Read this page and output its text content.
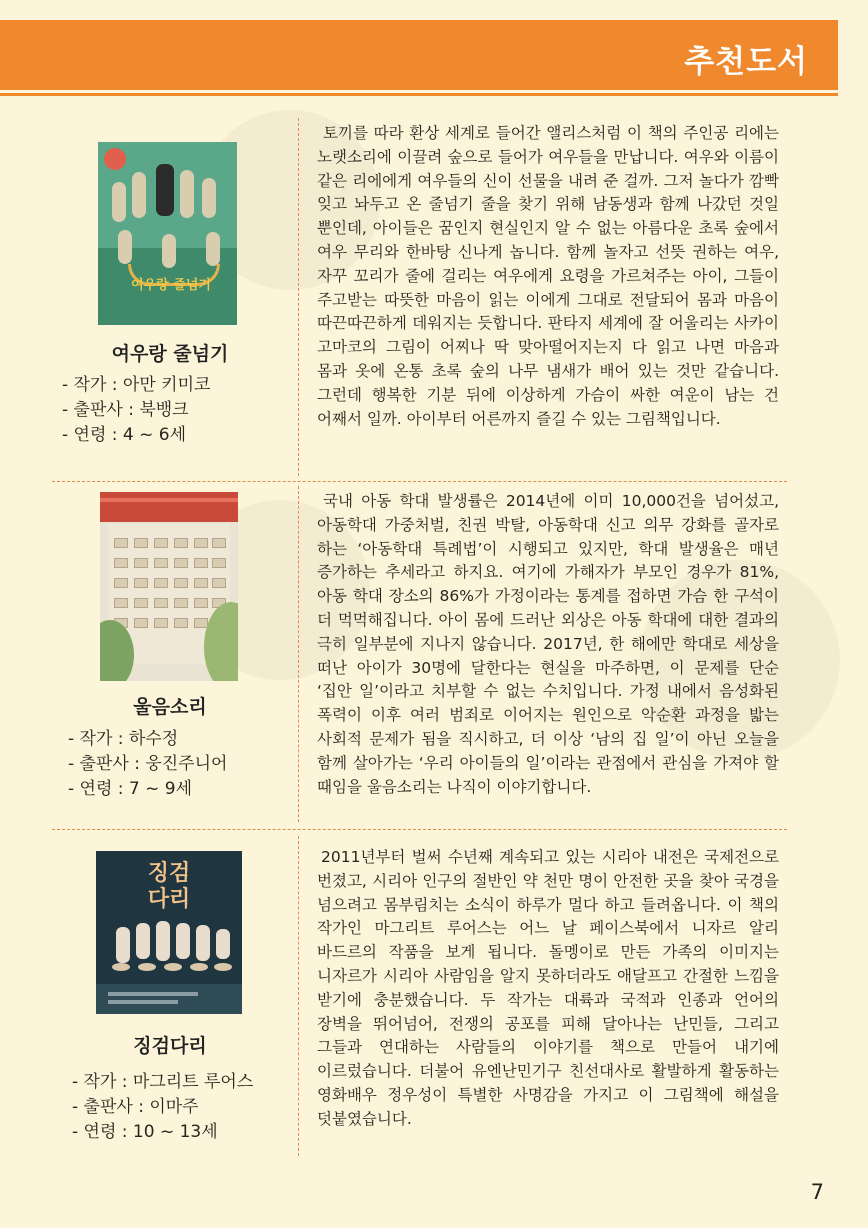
추천도서
여우랑 줄넘기
여우랑 줄넘기
- 작가 : 아만 키미코
- 출판사 : 북뱅크
- 연령 : 4 ~ 6세
토끼를 따라 환상 세계로 들어간 앨리스처럼 이 책의 주인공 리에는 노랫소리에 이끌려 숲으로 들어가 여우들을 만납니다. 여우와 이름이 같은 리에에게 여우들의 신이 선물을 내려 준 걸까. 그저 놀다가 깜빡 잊고 놔두고 온 줄넘기 줄을 찾기 위해 남동생과 함께 나갔던 것일 뿐인데, 아이들은 꿈인지 현실인지 알 수 없는 아름다운 초록 숲에서 여우 무리와 한바탕 신나게 놉니다. 함께 놀자고 선뜻 권하는 여우, 자꾸 꼬리가 줄에 걸리는 여우에게 요령을 가르쳐주는 아이, 그들이 주고받는 따뜻한 마음이 읽는 이에게 그대로 전달되어 몸과 마음이 따끈따끈하게 데워지는 듯합니다. 판타지 세계에 잘 어울리는 사카이 고마코의 그림이 어찌나 딱 맞아떨어지는지 다 읽고 나면 마음과 몸과 옷에 온통 초록 숲의 나무 냄새가 배어 있는 것만 같습니다. 그런데 행복한 기분 뒤에 이상하게 가슴이 싸한 여운이 남는 건 어째서 일까. 아이부터 어른까지 즐길 수 있는 그림책입니다.
울음소리
- 작가 : 하수정
- 출판사 : 웅진주니어
- 연령 : 7 ~ 9세
국내 아동 학대 발생률은 2014년에 이미 10,000건을 넘어섰고, 아동학대 가중처벌, 친권 박탈, 아동학대 신고 의무 강화를 골자로 하는 ‘아동학대 특례법’이 시행되고 있지만, 학대 발생율은 매년 증가하는 추세라고 하지요. 여기에 가해자가 부모인 경우가 81%, 아동 학대 장소의 86%가 가정이라는 통계를 접하면 가슴 한 구석이 더 먹먹해집니다. 아이 몸에 드러난 외상은 아동 학대에 대한 결과의 극히 일부분에 지나지 않습니다. 2017년, 한 해에만 학대로 세상을 떠난 아이가 30명에 달한다는 현실을 마주하면, 이 문제를 단순 ‘집안 일’이라고 치부할 수 없는 수치입니다. 가정 내에서 음성화된 폭력이 이후 여러 범죄로 이어지는 원인으로 악순환 과정을 밟는 사회적 문제가 됨을 직시하고, 더 이상 ‘남의 집 일’이 아닌 오늘을 함께 살아가는 ‘우리 아이들의 일’이라는 관점에서 관심을 가져야 할 때임을 울음소리는 나직이 이야기합니다.
징검
다리
징검다리
- 작가 : 마그리트 루어스
- 출판사 : 이마주
- 연령 : 10 ~ 13세
2011년부터 벌써 수년째 계속되고 있는 시리아 내전은 국제전으로 번졌고, 시리아 인구의 절반인 약 천만 명이 안전한 곳을 찾아 국경을 넘으려고 몸부림치는 소식이 하루가 멀다 하고 들려옵니다. 이 책의 작가인 마그리트 루어스는 어느 날 페이스북에서 니자르 알리 바드르의 작품을 보게 됩니다. 돌멩이로 만든 가족의 이미지는 니자르가 시리아 사람임을 알지 못하더라도 애달프고 간절한 느낌을 받기에 충분했습니다. 두 작가는 대륙과 국적과 인종과 언어의 장벽을 뛰어넘어, 전쟁의 공포를 피해 달아나는 난민들, 그리고 그들과 연대하는 사람들의 이야기를 책으로 만들어 내기에 이르렀습니다. 더불어 유엔난민기구 친선대사로 활발하게 활동하는 영화배우 정우성이 특별한 사명감을 가지고 이 그림책에 해설을 덧붙였습니다.
7
